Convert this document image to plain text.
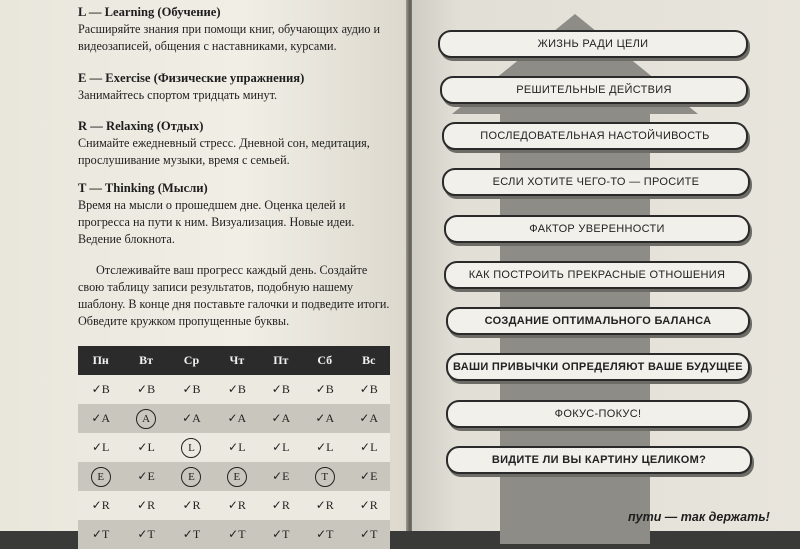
L — Learning (Обучение)
Расширяйте знания при помощи книг, обучающих аудио и видеозаписей, общения с наставниками, курсами.
E — Exercise (Физические упражнения)
Занимайтесь спортом тридцать минут.
R — Relaxing (Отдых)
Снимайте ежедневный стресс. Дневной сон, медитация, прослушивание музыки, время с семьей.
T — Thinking (Мысли)
Время на мысли о прошедшем дне. Оценка целей и прогресса на пути к ним. Визуализация. Новые идеи. Ведение блокнота.
Отслеживайте ваш прогресс каждый день. Создайте свою таблицу записи результатов, подобную нашему шаблону. В конце дня поставьте галочки и подведите итоги. Обведите кружком пропущенные буквы.
Пн	Вт	Ср	Чт	Пт	Сб	Вс
✓B	✓B	✓B	✓B	✓B	✓B	✓B
✓A	A	✓A	✓A	✓A	✓A	✓A
✓L	✓L	L	✓L	✓L	✓L	✓L
E	✓E	E	E	✓E	T	✓E
✓R	✓R	✓R	✓R	✓R	✓R	✓R
✓T	✓T	✓T	✓T	✓T	✓T	✓T
ЖИЗНЬ РАДИ ЦЕЛИ
РЕШИТЕЛЬНЫЕ ДЕЙСТВИЯ
ПОСЛЕДОВАТЕЛЬНАЯ НАСТОЙЧИВОСТЬ
ЕСЛИ ХОТИТЕ ЧЕГО-ТО — ПРОСИТЕ
ФАКТОР УВЕРЕННОСТИ
КАК ПОСТРОИТЬ ПРЕКРАСНЫЕ ОТНОШЕНИЯ
СОЗДАНИЕ ОПТИМАЛЬНОГО БАЛАНСА
ВАШИ ПРИВЫЧКИ ОПРЕДЕЛЯЮТ ВАШЕ БУДУЩЕЕ
ФОКУС-ПОКУС!
ВИДИТЕ ЛИ ВЫ КАРТИНУ ЦЕЛИКОМ?
пути — так держать!
